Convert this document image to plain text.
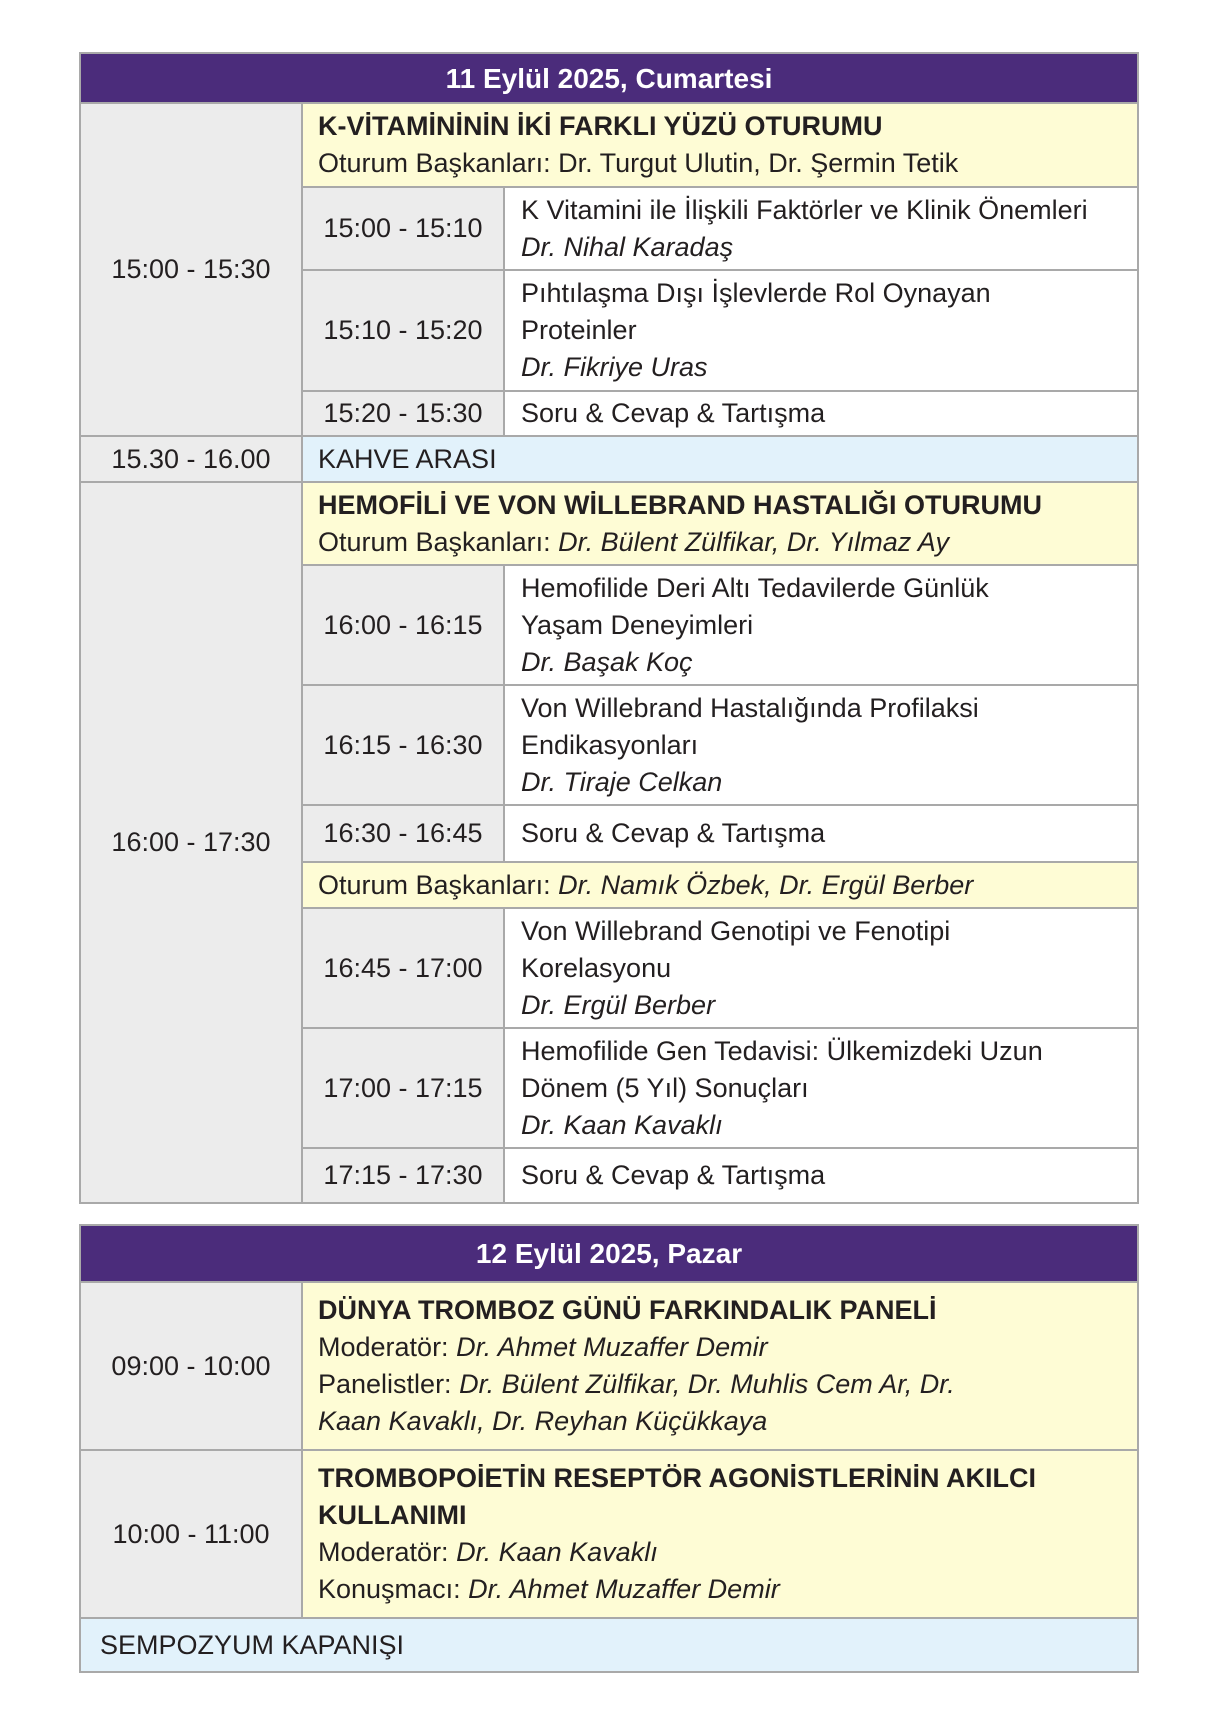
11 Eylül 2025, Cumartesi
15:00 - 15:30
K-VİTAMİNİNİN İKİ FARKLI YÜZÜ OTURUMU
Oturum Başkanları: Dr. Turgut Ulutin, Dr. Şermin Tetik
15:00 - 15:10
K Vitamini ile İlişkili Faktörler ve Klinik Önemleri
Dr. Nihal Karadaş
15:10 - 15:20
Pıhtılaşma Dışı İşlevlerde Rol Oynayan
Proteinler
Dr. Fikriye Uras
15:20 - 15:30 Soru & Cevap & Tartışma
15.30 - 16.00 KAHVE ARASI
16:00 - 17:30
HEMOFİLİ VE VON WİLLEBRAND HASTALIĞI OTURUMU
Oturum Başkanları: Dr. Bülent Zülfikar, Dr. Yılmaz Ay
16:00 - 16:15
Hemofilide Deri Altı Tedavilerde Günlük
Yaşam Deneyimleri
Dr. Başak Koç
16:15 - 16:30
Von Willebrand Hastalığında Profilaksi
Endikasyonları
Dr. Tiraje Celkan
16:30 - 16:45 Soru & Cevap & Tartışma
Oturum Başkanları: Dr. Namık Özbek, Dr. Ergül Berber
16:45 - 17:00
Von Willebrand Genotipi ve Fenotipi
Korelasyonu
Dr. Ergül Berber
17:00 - 17:15
Hemofilide Gen Tedavisi: Ülkemizdeki Uzun
Dönem (5 Yıl) Sonuçları
Dr. Kaan Kavaklı
17:15 - 17:30 Soru & Cevap & Tartışma
12 Eylül 2025, Pazar
09:00 - 10:00
DÜNYA TROMBOZ GÜNÜ FARKINDALIK PANELİ
Moderatör: Dr. Ahmet Muzaffer Demir
Panelistler: Dr. Bülent Zülfikar, Dr. Muhlis Cem Ar, Dr.
Kaan Kavaklı, Dr. Reyhan Küçükkaya
10:00 - 11:00
TROMBOPOİETİN RESEPTÖR AGONİSTLERİNİN AKILCI
KULLANIMI
Moderatör: Dr. Kaan Kavaklı
Konuşmacı: Dr. Ahmet Muzaffer Demir
SEMPOZYUM KAPANIŞI
